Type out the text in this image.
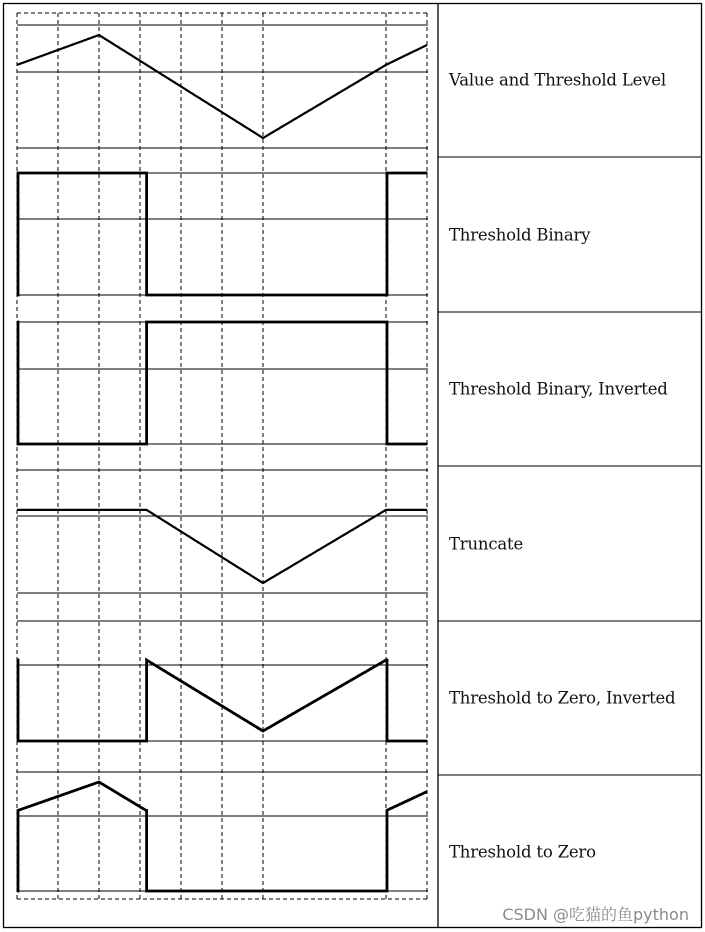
Value and Threshold Level
Threshold Binary
Threshold Binary, Inverted
Truncate
Threshold to Zero, Inverted
Threshold to Zero
CSDN @吃猫的鱼python
